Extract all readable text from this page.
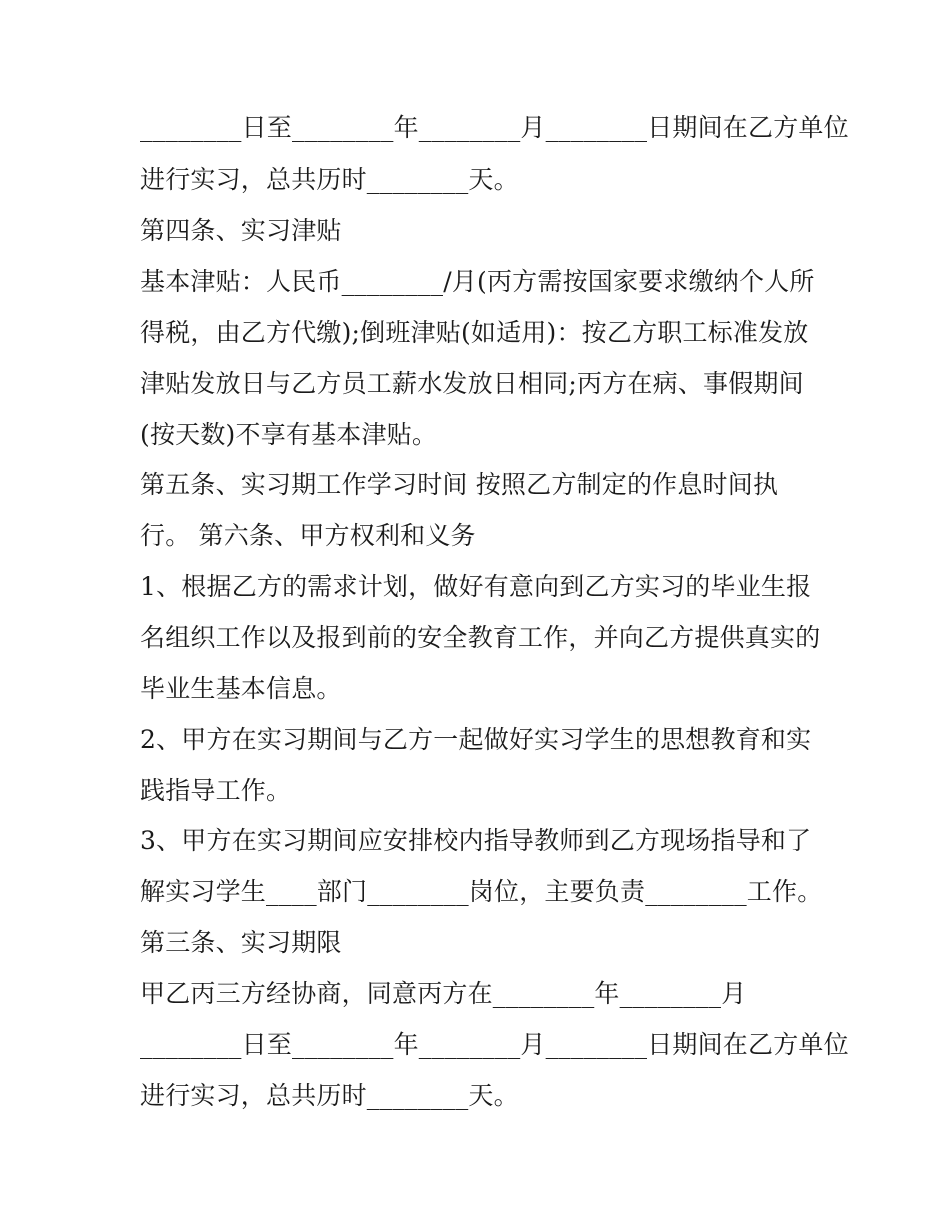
________日至________年________月________日期间在乙方单位
进行实习，总共历时________天。
第四条、实习津贴
基本津贴：人民币________/月(丙方需按国家要求缴纳个人所
得税，由乙方代缴);倒班津贴(如适用)：按乙方职工标准发放
津贴发放日与乙方员工薪水发放日相同;丙方在病、事假期间
(按天数)不享有基本津贴。
第五条、实习期工作学习时间 按照乙方制定的作息时间执
行。 第六条、甲方权利和义务
1、根据乙方的需求计划，做好有意向到乙方实习的毕业生报
名组织工作以及报到前的安全教育工作，并向乙方提供真实的
毕业生基本信息。
2、甲方在实习期间与乙方一起做好实习学生的思想教育和实
践指导工作。
3、甲方在实习期间应安排校内指导教师到乙方现场指导和了
解实习学生____部门________岗位，主要负责________工作。
第三条、实习期限
甲乙丙三方经协商，同意丙方在________年________月
________日至________年________月________日期间在乙方单位
进行实习，总共历时________天。
